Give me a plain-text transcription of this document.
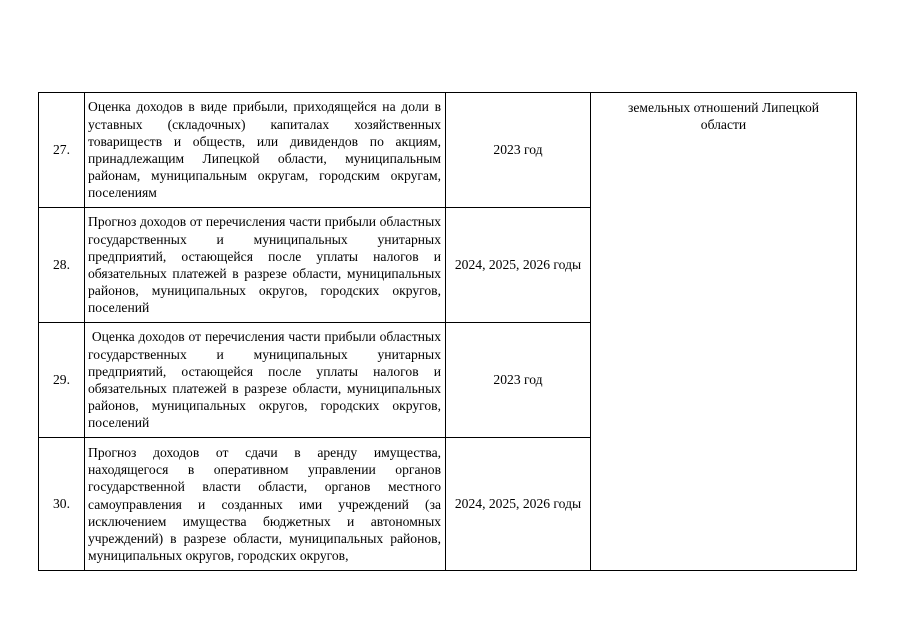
27.	Оценка доходов в виде прибыли, приходящейся на доли в уставных (складочных) капиталах хозяйственных товариществ и обществ, или дивидендов по акциям, принадлежащим Липецкой области, муниципальным районам, муниципальным округам, городским округам, поселениям	2023 год	земельных отношений Липецкой области
28.	Прогноз доходов от перечисления части прибыли областных государственных и муниципальных унитарных предприятий, остающейся после уплаты налогов и обязательных платежей в разрезе области, муниципальных районов, муниципальных округов, городских округов, поселений	2024, 2025, 2026 годы	
29.	Оценка доходов от перечисления части прибыли областных государственных и муниципальных унитарных предприятий, остающейся после уплаты налогов и обязательных платежей в разрезе области, муниципальных районов, муниципальных округов, городских округов, поселений	2023 год	
30.	Прогноз доходов от сдачи в аренду имущества, находящегося в оперативном управлении органов государственной власти области, органов местного самоуправления и созданных ими учреждений (за исключением имущества бюджетных и автономных учреждений) в разрезе области, муниципальных районов, муниципальных округов, городских округов,	2024, 2025, 2026 годы	
